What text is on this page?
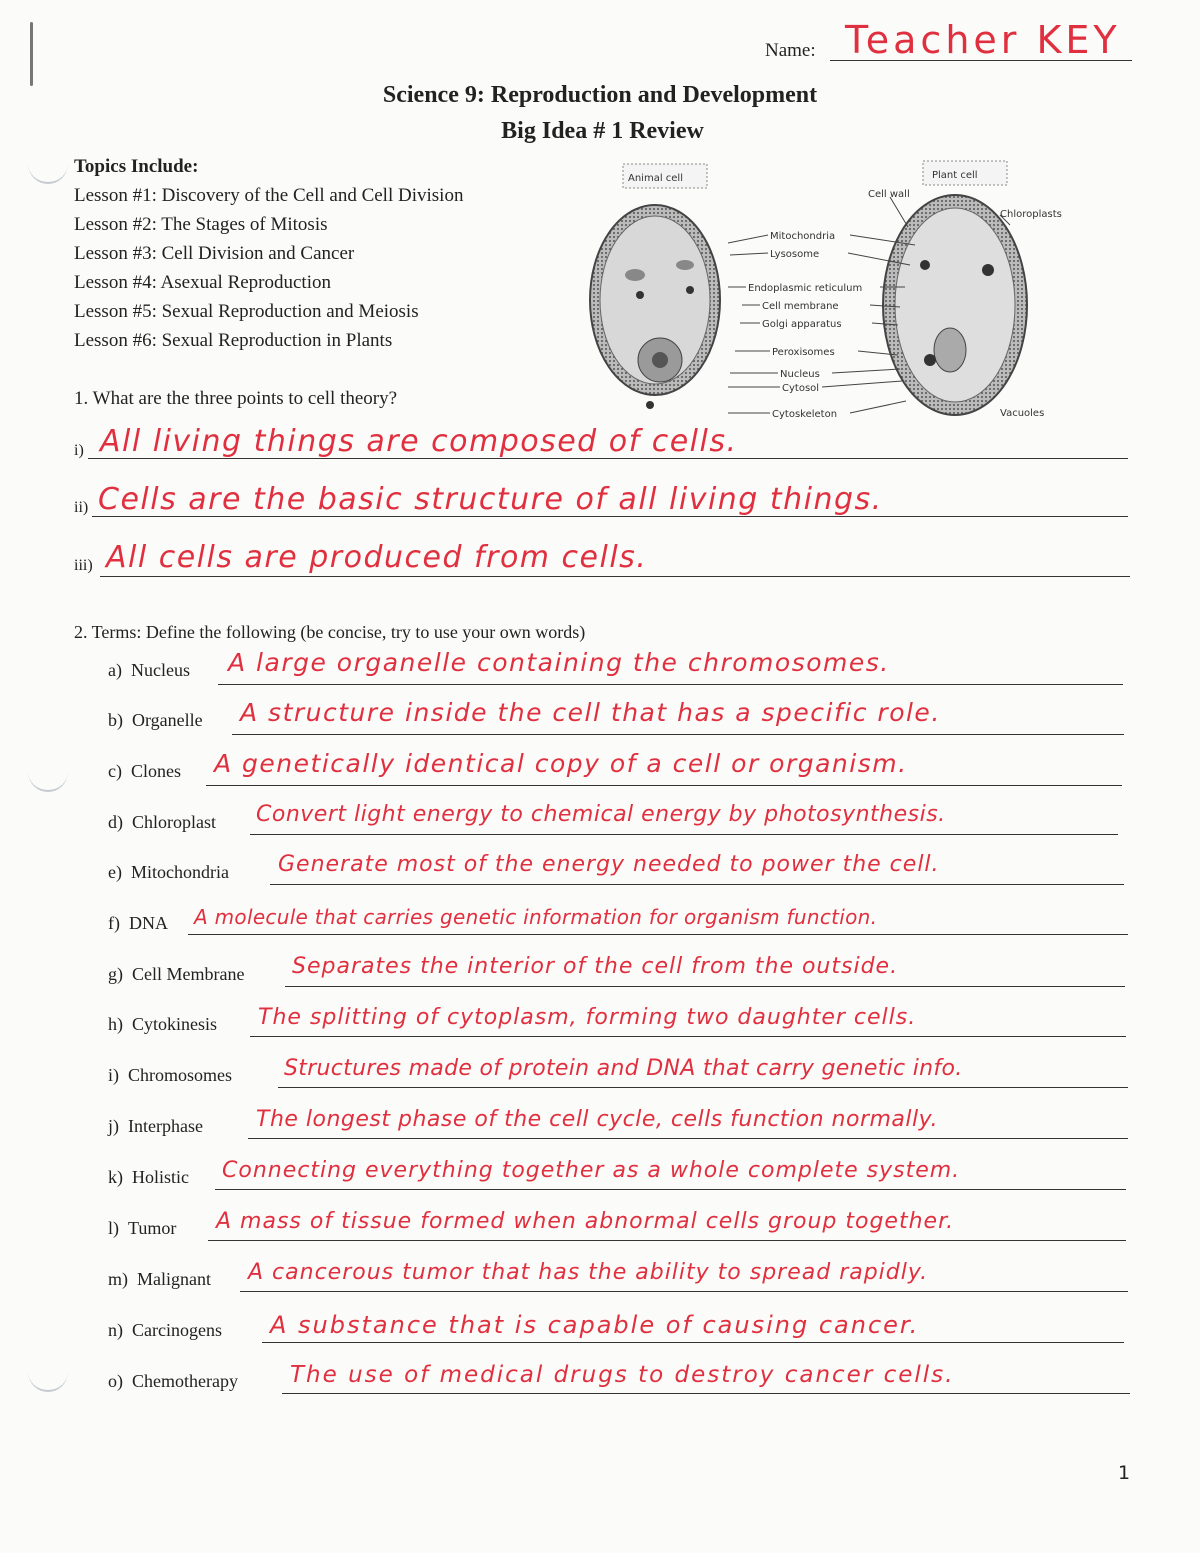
Name: Teacher KEY
Science 9: Reproduction and Development
Big Idea # 1 Review
Topics Include:
Lesson #1: Discovery of the Cell and Cell Division
Lesson #2: The Stages of Mitosis
Lesson #3: Cell Division and Cancer
Lesson #4: Asexual Reproduction
Lesson #5: Sexual Reproduction and Meiosis
Lesson #6: Sexual Reproduction in Plants
Animal cell	Plant cell
Cell wall
Chloroplasts
Vacuoles
Mitochondria
Lysosome
Endoplasmic reticulum
Cell membrane
Golgi apparatus
Peroxisomes
Nucleus
Cytosol
Cytoskeleton
1. What are the three points to cell theory?
i) All living things are composed of cells.
ii) Cells are the basic structure of all living things.
iii) All cells are produced from cells.
2. Terms: Define the following (be concise, try to use your own words)
a) Nucleus A large organelle containing the chromosomes.
b) Organelle A structure inside the cell that has a specific role.
c) Clones A genetically identical copy of a cell or organism.
d) Chloroplast Convert light energy to chemical energy by photosynthesis.
e) Mitochondria Generate most of the energy needed to power the cell.
f) DNA A molecule that carries genetic information for organism function.
g) Cell Membrane Separates the interior of the cell from the outside.
h) Cytokinesis The splitting of cytoplasm, forming two daughter cells.
i) Chromosomes Structures made of protein and DNA that carry genetic info.
j) Interphase The longest phase of the cell cycle, cells function normally.
k) Holistic Connecting everything together as a whole complete system.
l) Tumor A mass of tissue formed when abnormal cells group together.
m) Malignant A cancerous tumor that has the ability to spread rapidly.
n) Carcinogens A substance that is capable of causing cancer.
o) Chemotherapy The use of medical drugs to destroy cancer cells.
1
